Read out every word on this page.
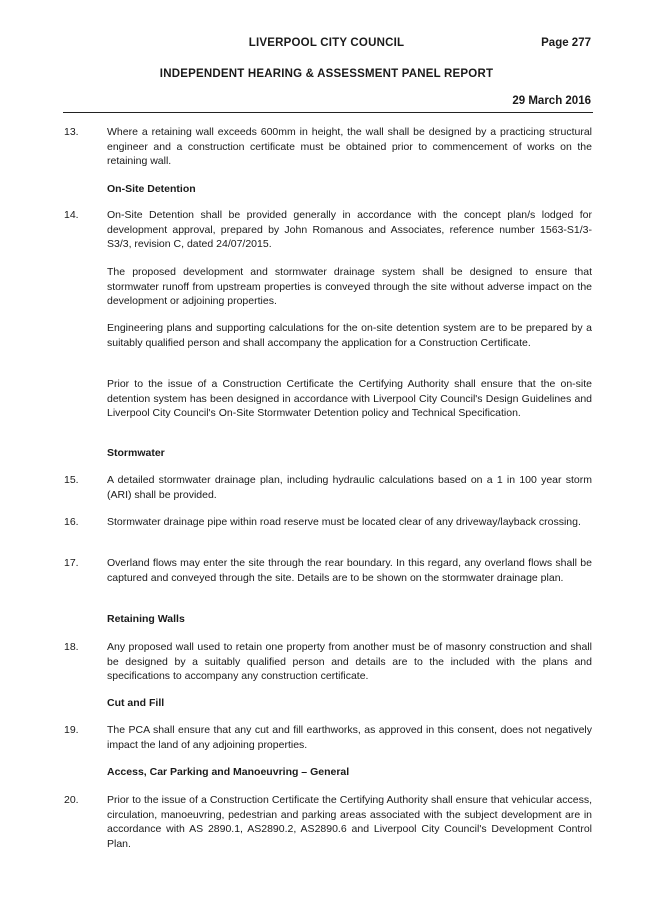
LIVERPOOL CITY COUNCIL	Page 277
INDEPENDENT HEARING & ASSESSMENT PANEL REPORT
29 March 2016
13.	Where a retaining wall exceeds 600mm in height, the wall shall be designed by a practicing structural engineer and a construction certificate must be obtained prior to commencement of works on the retaining wall.
On-Site Detention
14.	On-Site Detention shall be provided generally in accordance with the concept plan/s lodged for development approval, prepared by John Romanous and Associates, reference number 1563-S1/3-S3/3, revision C, dated 24/07/2015.
The proposed development and stormwater drainage system shall be designed to ensure that stormwater runoff from upstream properties is conveyed through the site without adverse impact on the development or adjoining properties.
Engineering plans and supporting calculations for the on-site detention system are to be prepared by a suitably qualified person and shall accompany the application for a Construction Certificate.
Prior to the issue of a Construction Certificate the Certifying Authority shall ensure that the on-site detention system has been designed in accordance with Liverpool City Council's Design Guidelines and Liverpool City Council's On-Site Stormwater Detention policy and Technical Specification.
Stormwater
15.	A detailed stormwater drainage plan, including hydraulic calculations based on a 1 in 100 year storm (ARI) shall be provided.
16.	Stormwater drainage pipe within road reserve must be located clear of any driveway/layback crossing.
17.	Overland flows may enter the site through the rear boundary. In this regard, any overland flows shall be captured and conveyed through the site. Details are to be shown on the stormwater drainage plan.
Retaining Walls
18.	Any proposed wall used to retain one property from another must be of masonry construction and shall be designed by a suitably qualified person and details are to the included with the plans and specifications to accompany any construction certificate.
Cut and Fill
19.	The PCA shall ensure that any cut and fill earthworks, as approved in this consent, does not negatively impact the land of any adjoining properties.
Access, Car Parking and Manoeuvring – General
20.	Prior to the issue of a Construction Certificate the Certifying Authority shall ensure that vehicular access, circulation, manoeuvring, pedestrian and parking areas associated with the subject development are in accordance with AS 2890.1, AS2890.2, AS2890.6 and Liverpool City Council's Development Control Plan.
